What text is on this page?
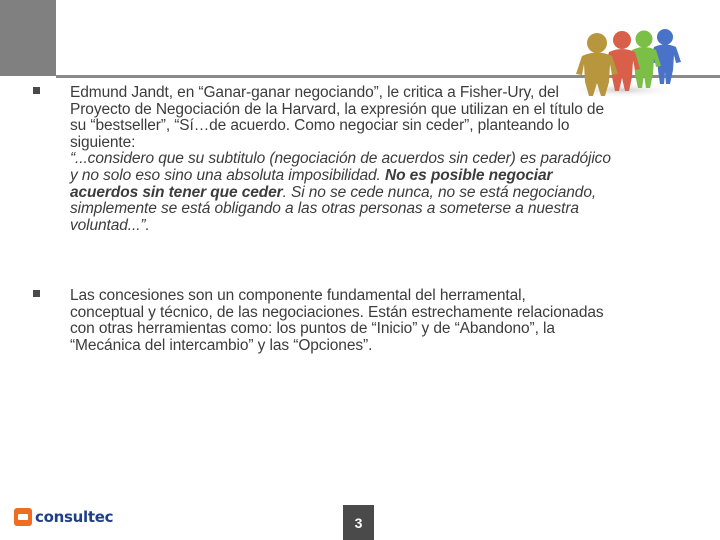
Edmund Jandt, en “Ganar-ganar negociando”, le critica a Fisher-Ury, del
Proyecto de Negociación de la Harvard, la expresión que utilizan en el título de
su “bestseller”, “Sí…de acuerdo. Como negociar sin ceder”, planteando lo
siguiente:
“...considero que su subtitulo (negociación de acuerdos sin ceder) es paradójico
y no solo eso sino una absoluta imposibilidad. No es posible negociar
acuerdos sin tener que ceder. Si no se cede nunca, no se está negociando,
simplemente se está obligando a las otras personas a someterse a nuestra
voluntad...”.
Las concesiones son un componente fundamental del herramental,
conceptual y técnico, de las negociaciones. Están estrechamente relacionadas
con otras herramientas como: los puntos de “Inicio” y de “Abandono”, la
“Mecánica del intercambio” y las “Opciones”.
consultec	3
